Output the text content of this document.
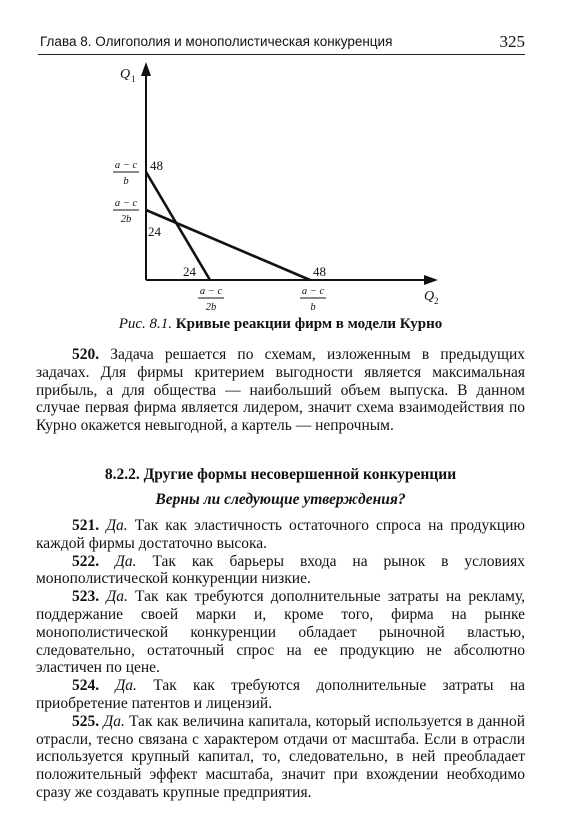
Глава 8. Олигополия и монополистическая конкуренция	325
Q 1
Q 2
a − c
b
a − c
2b
a − c
2b
a − c
b
48
24
24	48
Рис. 8.1. Кривые реакции фирм в модели Курно

520. Задача решается по схемам, изложенным в предыдущих задачах. Для фирмы критерием выгодности является максимальная прибыль, а для общества — наибольший объем выпуска. В данном случае первая фирма является лидером, значит схема взаимодействия по Курно окажется невыгодной, а картель — непрочным.

8.2.2. Другие формы несовершенной конкуренции
Верны ли следующие утверждения?

521. Да. Так как эластичность остаточного спроса на продукцию каждой фирмы достаточно высока.

522. Да. Так как барьеры входа на рынок в условиях монополистической конкуренции низкие.

523. Да. Так как требуются дополнительные затраты на рекламу, поддержание своей марки и, кроме того, фирма на рынке монополистической конкуренции обладает рыночной властью, следовательно, остаточный спрос на ее продукцию не абсолютно эластичен по цене.

524. Да. Так как требуются дополнительные затраты на приобретение патентов и лицензий.

525. Да. Так как величина капитала, который используется в данной отрасли, тесно связана с характером отдачи от масштаба. Если в отрасли используется крупный капитал, то, следовательно, в ней преобладает положительный эффект масштаба, значит при вхождении необходимо сразу же создавать крупные предприятия.
